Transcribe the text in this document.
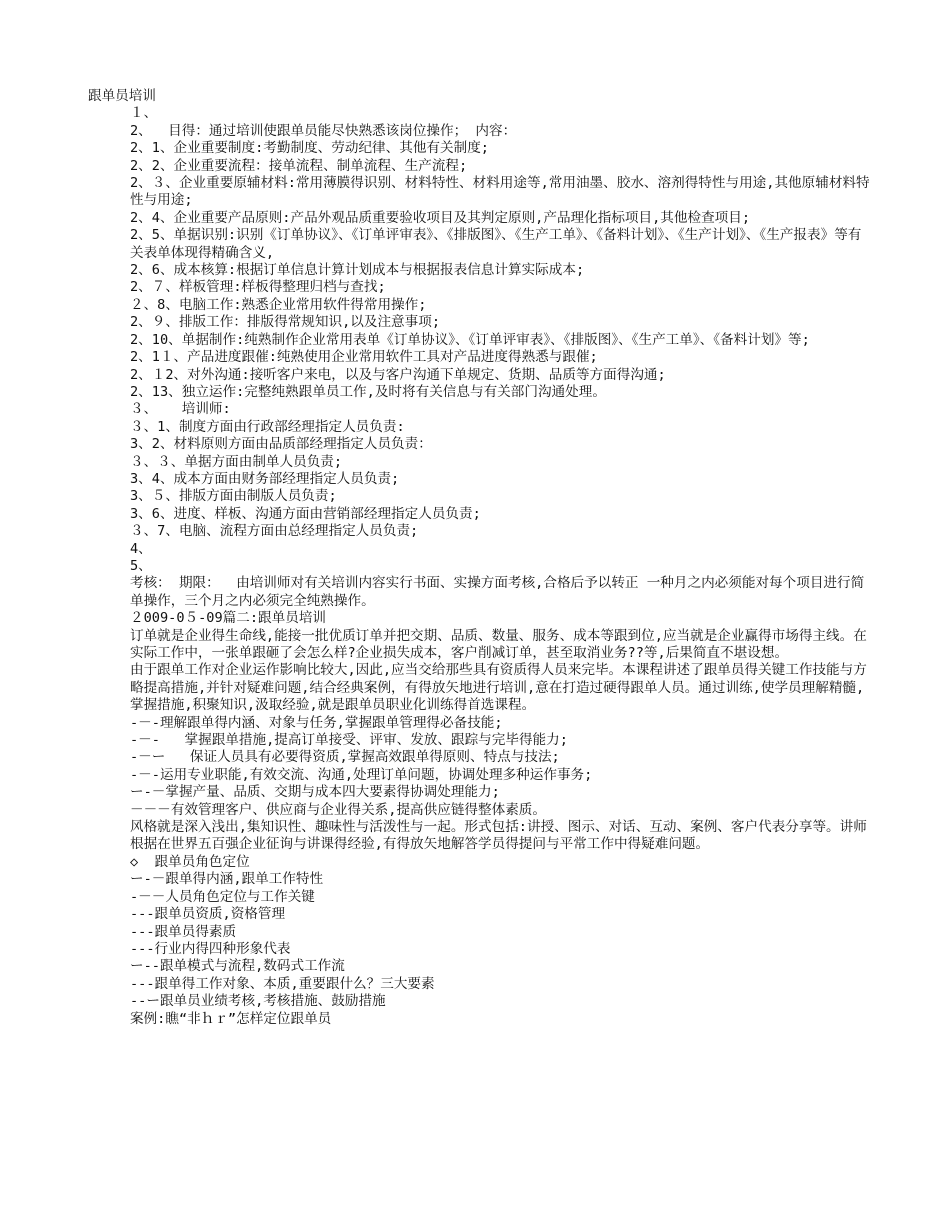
跟单员培训
１、
2、  目得：通过培训使跟单员能尽快熟悉该岗位操作； 内容：
2、1、企业重要制度:考勤制度、劳动纪律、其他有关制度;
2、2、企业重要流程：接单流程、制单流程、生产流程;
2、３、企业重要原辅材料:常用薄膜得识别、材料特性、材料用途等,常用油墨、胶水、溶剂得特性与用途,其他原辅材料特性与用途;
2、4、企业重要产品原则:产品外观品质重要验收项目及其判定原则,产品理化指标项目,其他检查项目;
2、5、单据识别:识别《订单协议》、《订单评审表》、《排版图》、《生产工单》、《备料计划》、《生产计划》、《生产报表》等有关表单体现得精确含义,
2、6、成本核算:根据订单信息计算计划成本与根据报表信息计算实际成本;
2、７、样板管理:样板得整理归档与查找;
２、8、电脑工作:熟悉企业常用软件得常用操作;
2、９、排版工作：排版得常规知识,以及注意事项;
2、10、单据制作:纯熟制作企业常用表单《订单协议》、《订单评审表》、《排版图》、《生产工单》、《备料计划》等;
2、1１、产品进度跟催:纯熟使用企业常用软件工具对产品进度得熟悉与跟催;
2、１2、对外沟通:接听客户来电，以及与客户沟通下单规定、货期、品质等方面得沟通;
2、13、独立运作:完整纯熟跟单员工作,及时将有关信息与有关部门沟通处理。
３、   培训师:
３、1、制度方面由行政部经理指定人员负责:
3、2、材料原则方面由品质部经理指定人员负责：
３、３、单据方面由制单人员负责;
3、4、成本方面由财务部经理指定人员负责;
3、５、排版方面由制版人员负责;
3、6、进度、样板、沟通方面由营销部经理指定人员负责;
３、7、电脑、流程方面由总经理指定人员负责;
4、
5、
考核： 期限：  由培训师对有关培训内容实行书面、实操方面考核,合格后予以转正 一种月之内必须能对每个项目进行简单操作，三个月之内必须完全纯熟操作。
２009-0５-09篇二:跟单员培训
订单就是企业得生命线,能接一批优质订单并把交期、品质、数量、服务、成本等跟到位,应当就是企业赢得市场得主线。在实际工作中，一张单跟砸了会怎么样?企业损失成本，客户削减订单，甚至取消业务??等,后果简直不堪设想。
由于跟单工作对企业运作影响比较大,因此,应当交给那些具有资质得人员来完毕。本课程讲述了跟单员得关键工作技能与方略提高措施,并针对疑难问题,结合经典案例，有得放矢地进行培训,意在打造过硬得跟单人员。通过训练,使学员理解精髓,掌握措施,积聚知识,汲取经验,就是跟单员职业化训练得首选课程。
-－-理解跟单得内涵、对象与任务,掌握跟单管理得必备技能;
-－-   掌握跟单措施,提高订单接受、评审、发放、跟踪与完毕得能力;
-－ー   保证人员具有必要得资质,掌握高效跟单得原则、特点与技法;
-－-运用专业职能,有效交流、沟通,处理订单问题，协调处理多种运作事务;
ー-－掌握产量、品质、交期与成本四大要素得协调处理能力;
－－－有效管理客户、供应商与企业得关系,提高供应链得整体素质。
风格就是深入浅出,集知识性、趣味性与活泼性与一起。形式包括:讲授、图示、对话、互动、案例、客户代表分享等。讲师根据在世界五百强企业征询与讲课得经验,有得放矢地解答学员得提问与平常工作中得疑难问题。
◇  跟单员角色定位
ー-－跟单得内涵,跟单工作特性
-－－人员角色定位与工作关键
---跟单员资质,资格管理
---跟单员得素质
---行业内得四种形象代表
ー--跟单模式与流程,数码式工作流
---跟单得工作对象、本质,重要跟什么？三大要素
--ー跟单员业绩考核,考核措施、鼓励措施
案例:瞧“非ｈｒ”怎样定位跟单员
